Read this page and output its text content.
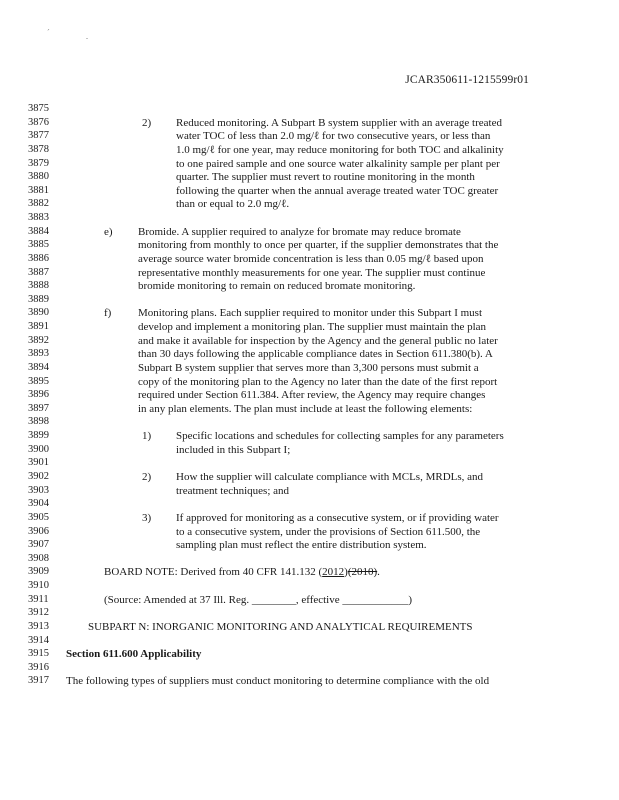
´	.
JCAR350611-1215599r01
3875
3876	2) Reduced monitoring. A Subpart B system supplier with an average treated
3877	water TOC of less than 2.0 mg/ℓ for two consecutive years, or less than
3878	1.0 mg/ℓ for one year, may reduce monitoring for both TOC and alkalinity
3879	to one paired sample and one source water alkalinity sample per plant per
3880	quarter. The supplier must revert to routine monitoring in the month
3881	following the quarter when the annual average treated water TOC greater
3882	than or equal to 2.0 mg/ℓ.
3883
3884	e) Bromide. A supplier required to analyze for bromate may reduce bromate
3885	monitoring from monthly to once per quarter, if the supplier demonstrates that the
3886	average source water bromide concentration is less than 0.05 mg/ℓ based upon
3887	representative monthly measurements for one year. The supplier must continue
3888	bromide monitoring to remain on reduced bromate monitoring.
3889
3890	f) Monitoring plans. Each supplier required to monitor under this Subpart I must
3891	develop and implement a monitoring plan. The supplier must maintain the plan
3892	and make it available for inspection by the Agency and the general public no later
3893	than 30 days following the applicable compliance dates in Section 611.380(b). A
3894	Subpart B system supplier that serves more than 3,300 persons must submit a
3895	copy of the monitoring plan to the Agency no later than the date of the first report
3896	required under Section 611.384. After review, the Agency may require changes
3897	in any plan elements. The plan must include at least the following elements:
3898
3899	1) Specific locations and schedules for collecting samples for any parameters
3900	included in this Subpart I;
3901
3902	2) How the supplier will calculate compliance with MCLs, MRDLs, and
3903	treatment techniques; and
3904
3905	3) If approved for monitoring as a consecutive system, or if providing water
3906	to a consecutive system, under the provisions of Section 611.500, the
3907	sampling plan must reflect the entire distribution system.
3908
3909	BOARD NOTE: Derived from 40 CFR 141.132 (2012)(2010).
3910
3911	(Source: Amended at 37 Ill. Reg. ________, effective ____________)
3912
3913	SUBPART N: INORGANIC MONITORING AND ANALYTICAL REQUIREMENTS
3914
3915	Section 611.600 Applicability
3916
3917	The following types of suppliers must conduct monitoring to determine compliance with the old
